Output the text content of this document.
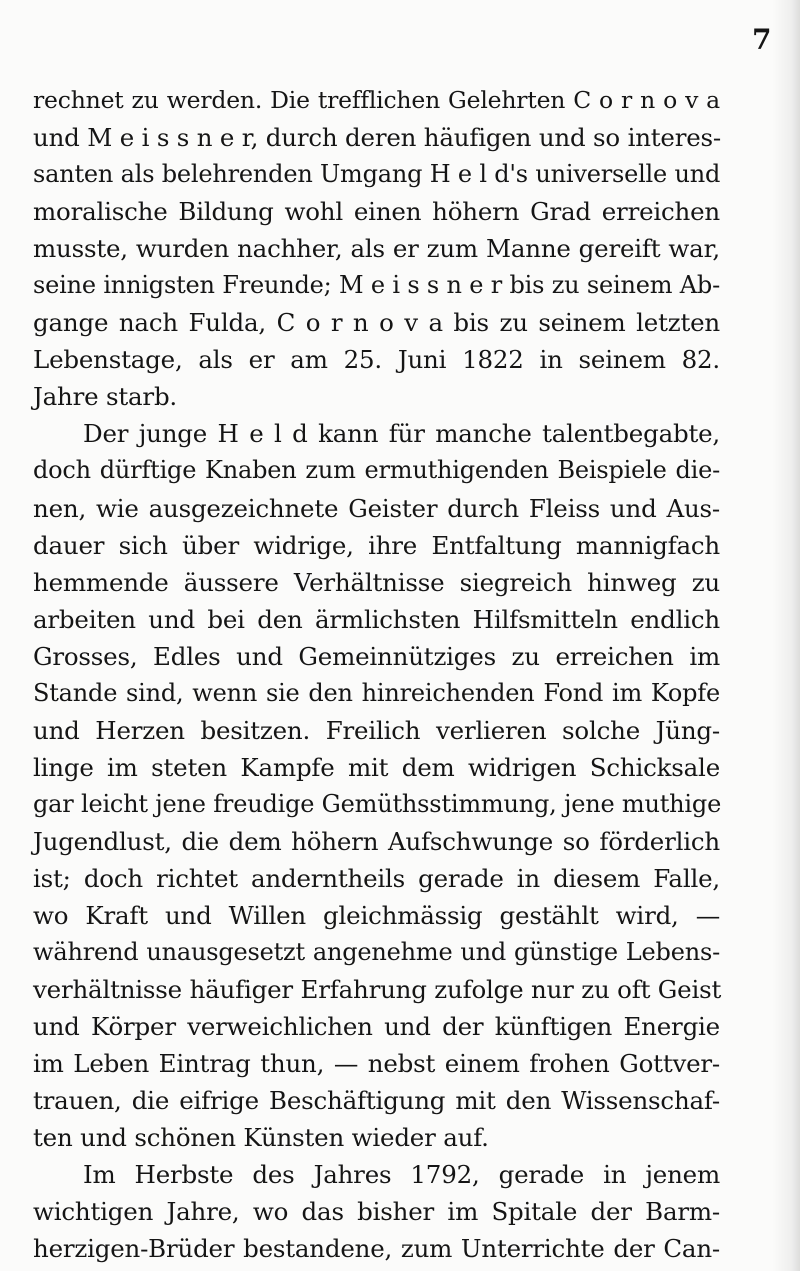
7
rechnet zu werden. Die trefflichen Gelehrten C o r n o v a
und M e i s s n e r, durch deren häufigen und so interes-
santen als belehrenden Umgang H e l d's universelle und
moralische Bildung wohl einen höhern Grad erreichen
musste, wurden nachher, als er zum Manne gereift war,
seine innigsten Freunde; M e i s s n e r bis zu seinem Ab-
gange nach Fulda, C o r n o v a bis zu seinem letzten
Lebenstage, als er am 25. Juni 1822 in seinem 82.
Jahre starb.
Der junge H e l d kann für manche talentbegabte,
doch dürftige Knaben zum ermuthigenden Beispiele die-
nen, wie ausgezeichnete Geister durch Fleiss und Aus-
dauer sich über widrige, ihre Entfaltung mannigfach
hemmende äussere Verhältnisse siegreich hinweg zu
arbeiten und bei den ärmlichsten Hilfsmitteln endlich
Grosses, Edles und Gemeinnütziges zu erreichen im
Stande sind, wenn sie den hinreichenden Fond im Kopfe
und Herzen besitzen. Freilich verlieren solche Jüng-
linge im steten Kampfe mit dem widrigen Schicksale
gar leicht jene freudige Gemüthsstimmung, jene muthige
Jugendlust, die dem höhern Aufschwunge so förderlich
ist; doch richtet anderntheils gerade in diesem Falle,
wo Kraft und Willen gleichmässig gestählt wird, —
während unausgesetzt angenehme und günstige Lebens-
verhältnisse häufiger Erfahrung zufolge nur zu oft Geist
und Körper verweichlichen und der künftigen Energie
im Leben Eintrag thun, — nebst einem frohen Gottver-
trauen, die eifrige Beschäftigung mit den Wissenschaf-
ten und schönen Künsten wieder auf.
Im Herbste des Jahres 1792, gerade in jenem
wichtigen Jahre, wo das bisher im Spitale der Barm-
herzigen-Brüder bestandene, zum Unterrichte der Can-
